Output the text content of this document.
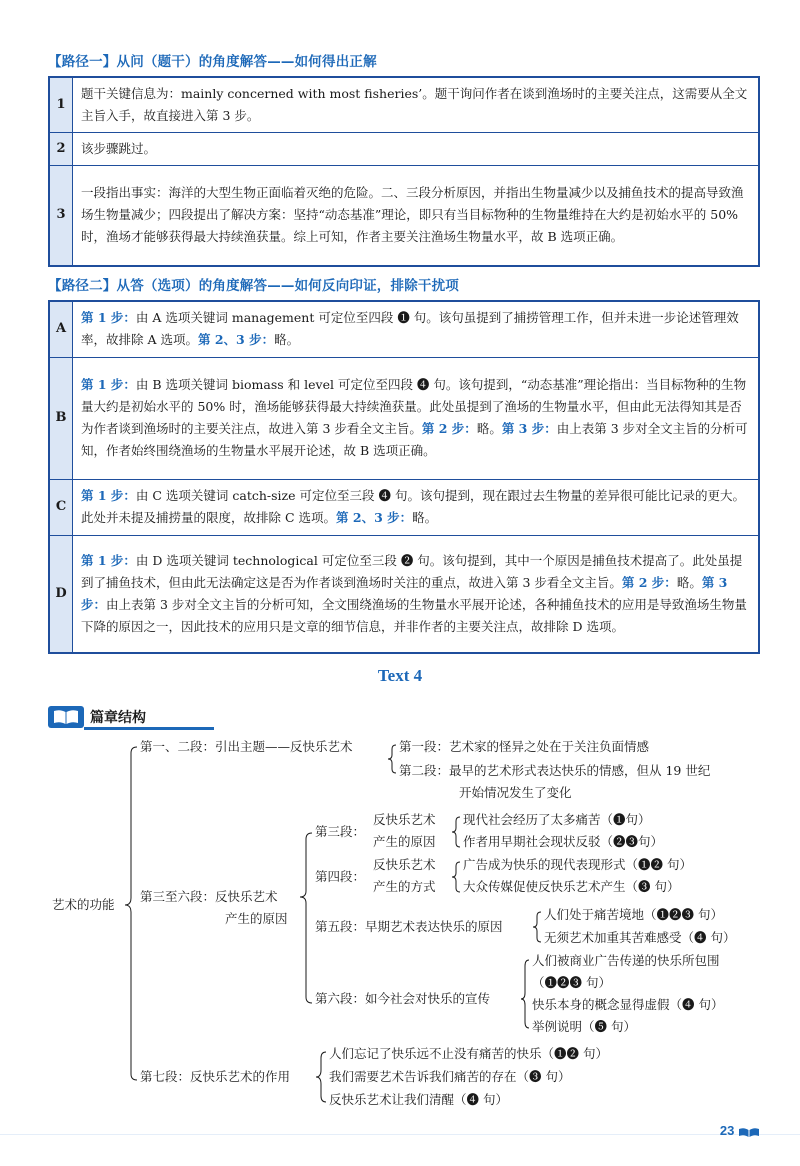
【路径一】从问（题干）的角度解答——如何得出正解
1	题干关键信息为：mainly concerned with most fisheries’。题干询问作者在谈到渔场时的主要关注点，这需要从全文主旨入手，故直接进入第 3 步。
2	该步骤跳过。
3	一段指出事实：海洋的大型生物正面临着灭绝的危险。二、三段分析原因，并指出生物量减少以及捕鱼技术的提高导致渔场生物量减少；四段提出了解决方案：坚持“动态基准”理论，即只有当目标物种的生物量维持在大约是初始水平的 50% 时，渔场才能够获得最大持续渔获量。综上可知，作者主要关注渔场生物量水平，故 B 选项正确。
【路径二】从答（选项）的角度解答——如何反向印证，排除干扰项
A	第 1 步：由 A 选项关键词 management 可定位至四段 ❶ 句。该句虽提到了捕捞管理工作，但并未进一步论述管理效率，故排除 A 选项。第 2、3 步：略。
B	第 1 步：由 B 选项关键词 biomass 和 level 可定位至四段 ❹ 句。该句提到，“动态基准”理论指出：当目标物种的生物量大约是初始水平的 50% 时，渔场能够获得最大持续渔获量。此处虽提到了渔场的生物量水平，但由此无法得知其是否为作者谈到渔场时的主要关注点，故进入第 3 步看全文主旨。第 2 步：略。第 3 步：由上表第 3 步对全文主旨的分析可知，作者始终围绕渔场的生物量水平展开论述，故 B 选项正确。
C	第 1 步：由 C 选项关键词 catch-size 可定位至三段 ❹ 句。该句提到，现在跟过去生物量的差异很可能比记录的更大。此处并未提及捕捞量的限度，故排除 C 选项。第 2、3 步：略。
D	第 1 步：由 D 选项关键词 technological 可定位至三段 ❷ 句。该句提到，其中一个原因是捕鱼技术提高了。此处虽提到了捕鱼技术，但由此无法确定这是否为作者谈到渔场时关注的重点，故进入第 3 步看全文主旨。第 2 步：略。第 3 步：由上表第 3 步对全文主旨的分析可知，全文围绕渔场的生物量水平展开论述，各种捕鱼技术的应用是导致渔场生物量下降的原因之一，因此技术的应用只是文章的细节信息，并非作者的主要关注点，故排除 D 选项。
Text 4
篇章结构
艺术的功能
第一、二段：引出主题——反快乐艺术	第一段：艺术家的怪异之处在于关注负面情感
第二段：最早的艺术形式表达快乐的情感，但从 19 世纪
开始情况发生了变化
第三至六段：反快乐艺术
产生的原因
第三段：
反快乐艺术
产生的原因
现代社会经历了太多痛苦（❶句）
作者用早期社会现状反驳（❷❸句）
第四段：
反快乐艺术
产生的方式
广告成为快乐的现代表现形式（❶❷ 句）
大众传媒促使反快乐艺术产生（❸ 句）
第五段：早期艺术表达快乐的原因
人们处于痛苦境地（❶❷❸ 句）
无须艺术加重其苦难感受（❹ 句）
第六段：如今社会对快乐的宣传
人们被商业广告传递的快乐所包围
（❶❷❸ 句）
快乐本身的概念显得虚假（❹ 句）
举例说明（❺ 句）
第七段：反快乐艺术的作用
人们忘记了快乐远不止没有痛苦的快乐（❶❷ 句）
我们需要艺术告诉我们痛苦的存在（❸ 句）
反快乐艺术让我们清醒（❹ 句）
23
